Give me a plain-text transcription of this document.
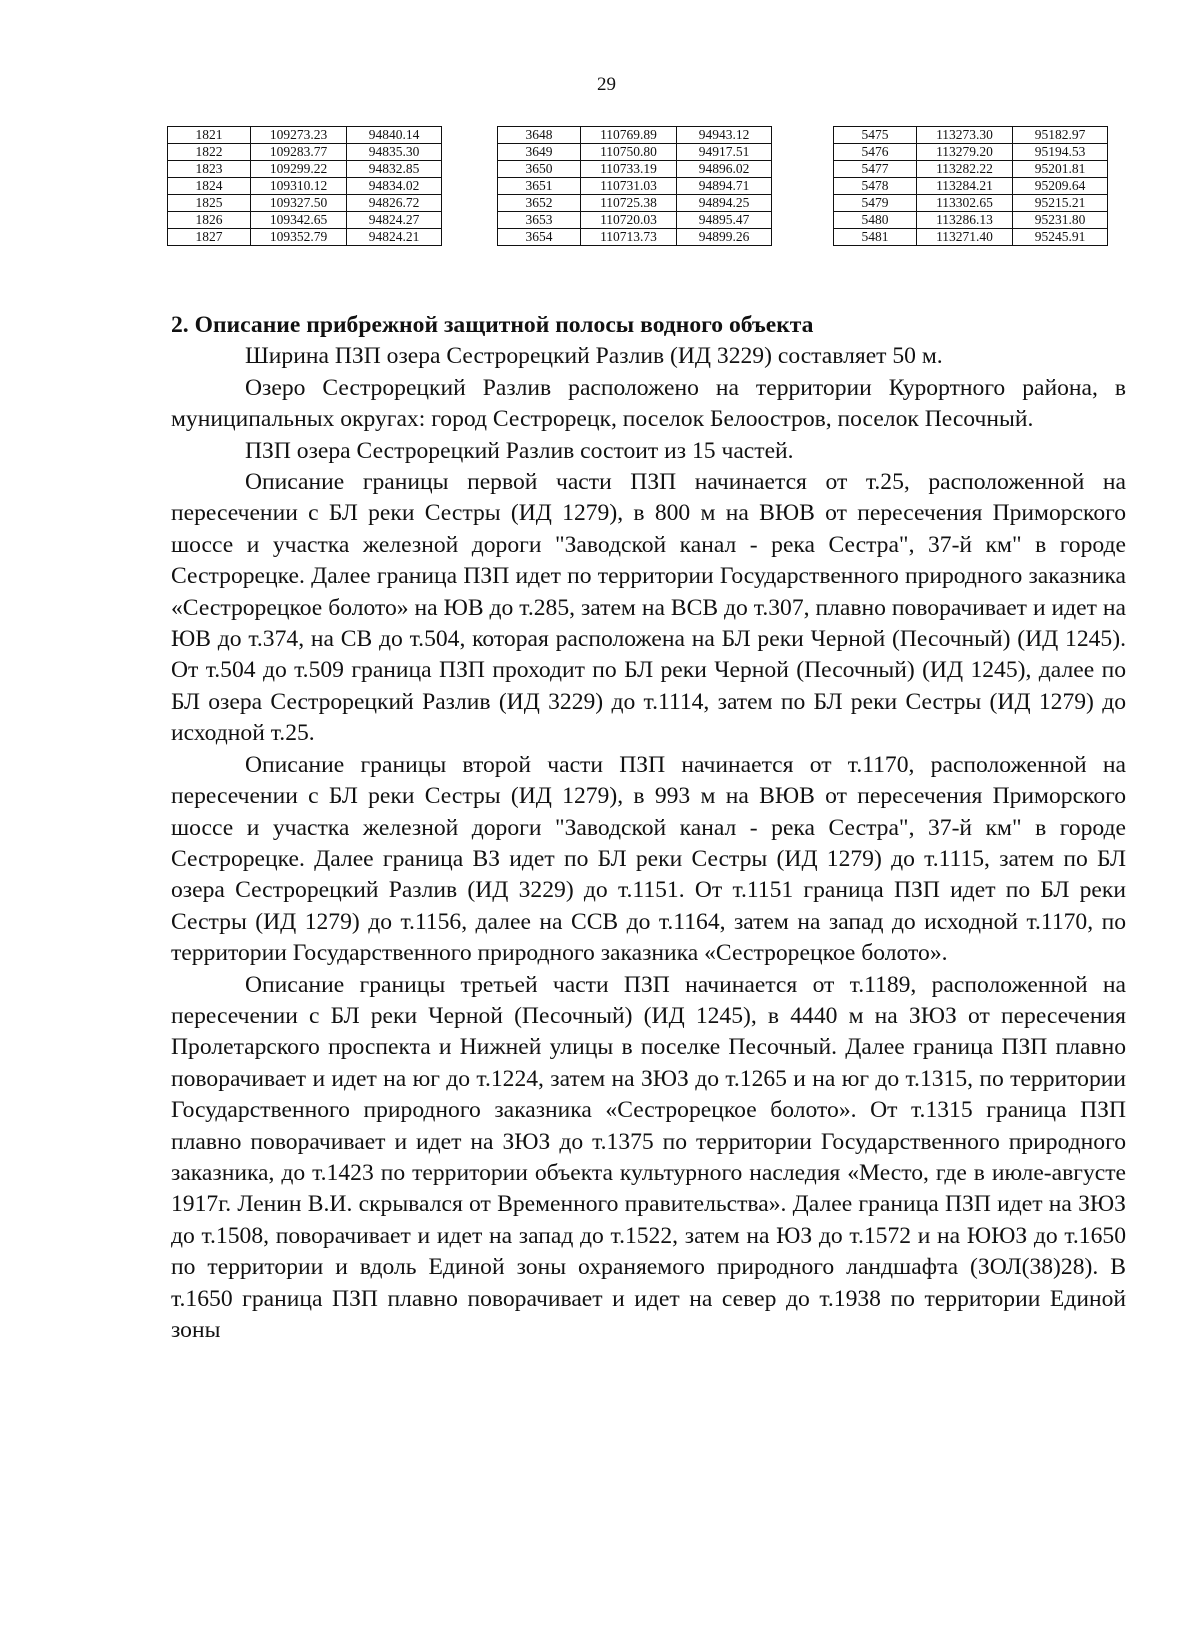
29
1821	109273.23	94840.14
1822	109283.77	94835.30
1823	109299.22	94832.85
1824	109310.12	94834.02
1825	109327.50	94826.72
1826	109342.65	94824.27
1827	109352.79	94824.21
3648	110769.89	94943.12
3649	110750.80	94917.51
3650	110733.19	94896.02
3651	110731.03	94894.71
3652	110725.38	94894.25
3653	110720.03	94895.47
3654	110713.73	94899.26
5475	113273.30	95182.97
5476	113279.20	95194.53
5477	113282.22	95201.81
5478	113284.21	95209.64
5479	113302.65	95215.21
5480	113286.13	95231.80
5481	113271.40	95245.91
2. Описание прибрежной защитной полосы водного объекта

Ширина ПЗП озера Сестрорецкий Разлив (ИД 3229) составляет 50 м.

Озеро Сестрорецкий Разлив расположено на территории Курортного района, в муниципальных округах: город Сестрорецк, поселок Белоостров, поселок Песочный.

ПЗП озера Сестрорецкий Разлив состоит из 15 частей.

Описание границы первой части ПЗП начинается от т.25, расположенной на пересечении с БЛ реки Сестры (ИД 1279), в 800 м на ВЮВ от пересечения Приморского шоссе и участка железной дороги "Заводской канал - река Сестра", 37-й км" в городе Сестрорецке. Далее граница ПЗП идет по территории Государственного природного заказника «Сестрорецкое болото» на ЮВ до т.285, затем на ВСВ до т.307, плавно поворачивает и идет на ЮВ до т.374, на СВ до т.504, которая расположена на БЛ реки Черной (Песочный) (ИД 1245). От т.504 до т.509 граница ПЗП проходит по БЛ реки Черной (Песочный) (ИД 1245), далее по БЛ озера Сестрорецкий Разлив (ИД 3229) до т.1114, затем по БЛ реки Сестры (ИД 1279) до исходной т.25.

Описание границы второй части ПЗП начинается от т.1170, расположенной на пересечении с БЛ реки Сестры (ИД 1279), в 993 м на ВЮВ от пересечения Приморского шоссе и участка железной дороги "Заводской канал - река Сестра", 37-й км" в городе Сестрорецке. Далее граница ВЗ идет по БЛ реки Сестры (ИД 1279) до т.1115, затем по БЛ озера Сестрорецкий Разлив (ИД 3229) до т.1151. От т.1151 граница ПЗП идет по БЛ реки Сестры (ИД 1279) до т.1156, далее на ССВ до т.1164, затем на запад до исходной т.1170, по территории Государственного природного заказника «Сестрорецкое болото».

Описание границы третьей части ПЗП начинается от т.1189, расположенной на пересечении с БЛ реки Черной (Песочный) (ИД 1245), в 4440 м на ЗЮЗ от пересечения Пролетарского проспекта и Нижней улицы в поселке Песочный. Далее граница ПЗП плавно поворачивает и идет на юг до т.1224, затем на ЗЮЗ до т.1265 и на юг до т.1315, по территории Государственного природного заказника «Сестрорецкое болото». От т.1315 граница ПЗП плавно поворачивает и идет на ЗЮЗ до т.1375 по территории Государственного природного заказника, до т.1423 по территории объекта культурного наследия «Место, где в июле-августе 1917г. Ленин В.И. скрывался от Временного правительства». Далее граница ПЗП идет на ЗЮЗ до т.1508, поворачивает и идет на запад до т.1522, затем на ЮЗ до т.1572 и на ЮЮЗ до т.1650 по территории и вдоль Единой зоны охраняемого природного ландшафта (ЗОЛ(38)28). В т.1650 граница ПЗП плавно поворачивает и идет на север до т.1938 по территории Единой зоны
